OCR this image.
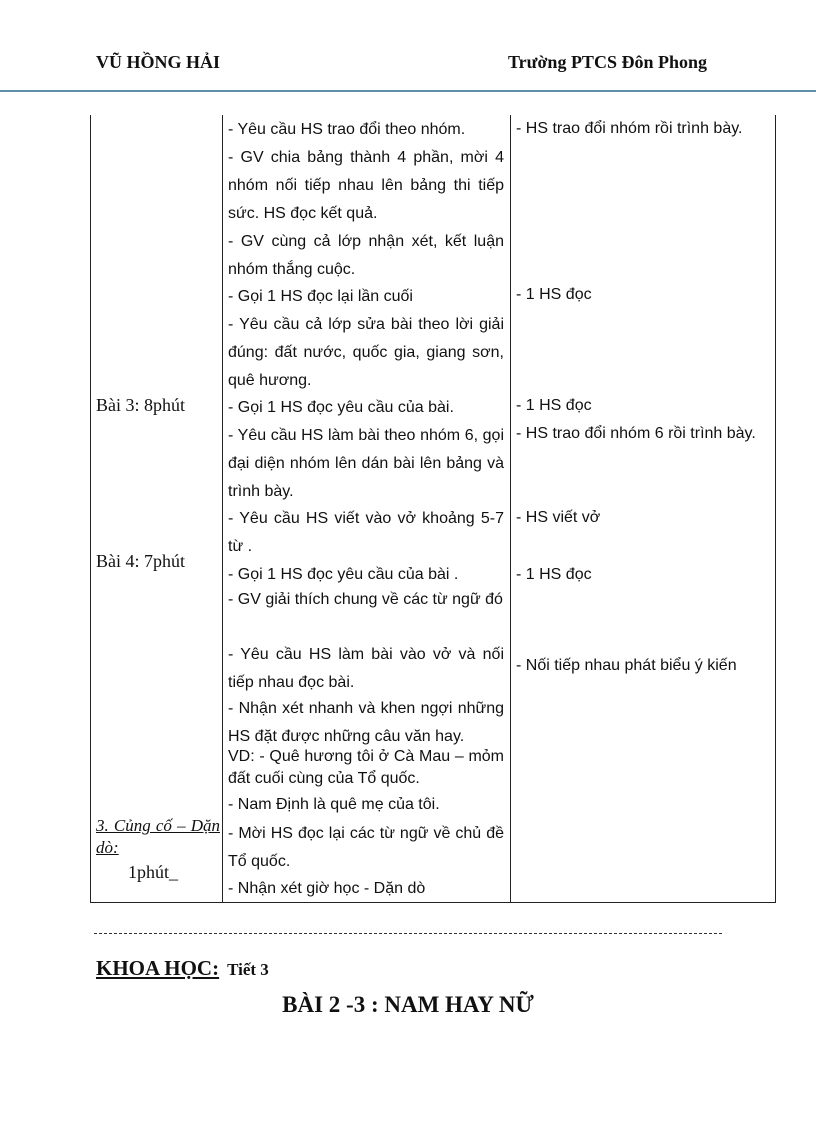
VŨ HỒNG HẢI	Trường PTCS Đôn Phong
Bài 3: 8phút
Bài 4: 7phút
3. Củng cố – Dặn dò:
1phút_
- Yêu cầu HS trao đổi theo nhóm.
- GV chia bảng thành 4 phần, mời 4 nhóm nối tiếp nhau lên bảng thi tiếp sức. HS đọc kết quả.
- GV cùng cả lớp nhận xét, kết luận nhóm thắng cuộc.
- Gọi 1 HS đọc lại lần cuối
- Yêu cầu cả lớp sửa bài theo lời giải đúng: đất nước, quốc gia, giang sơn, quê hương.
- Gọi 1 HS đọc yêu cầu của bài.
- Yêu cầu HS làm bài theo nhóm 6, gọi đại diện nhóm lên dán bài lên bảng và trình bày.
- Yêu cầu HS viết vào vở khoảng 5-7 từ .
- Gọi 1 HS đọc yêu cầu của bài .
- GV giải thích chung về các từ ngữ đó
- Yêu cầu HS làm bài vào vở và nối tiếp nhau đọc bài.
- Nhận xét nhanh và khen ngợi những HS đặt được những câu văn hay.
VD: - Quê hương tôi ở Cà Mau – mỏm đất cuối cùng của Tổ quốc.
- Nam Định là quê mẹ của tôi.
- Mời HS đọc lại các từ ngữ về chủ đề Tổ quốc.
- Nhận xét giờ học - Dặn dò
- HS trao đổi nhóm rồi trình bày.
- 1 HS đọc
- 1 HS đọc
- HS trao đổi nhóm 6 rồi trình bày.
- HS viết vở
- 1 HS đọc
- Nối tiếp nhau phát biểu ý kiến
KHOA HỌC: Tiết 3
BÀI 2 -3 : NAM HAY NỮ
